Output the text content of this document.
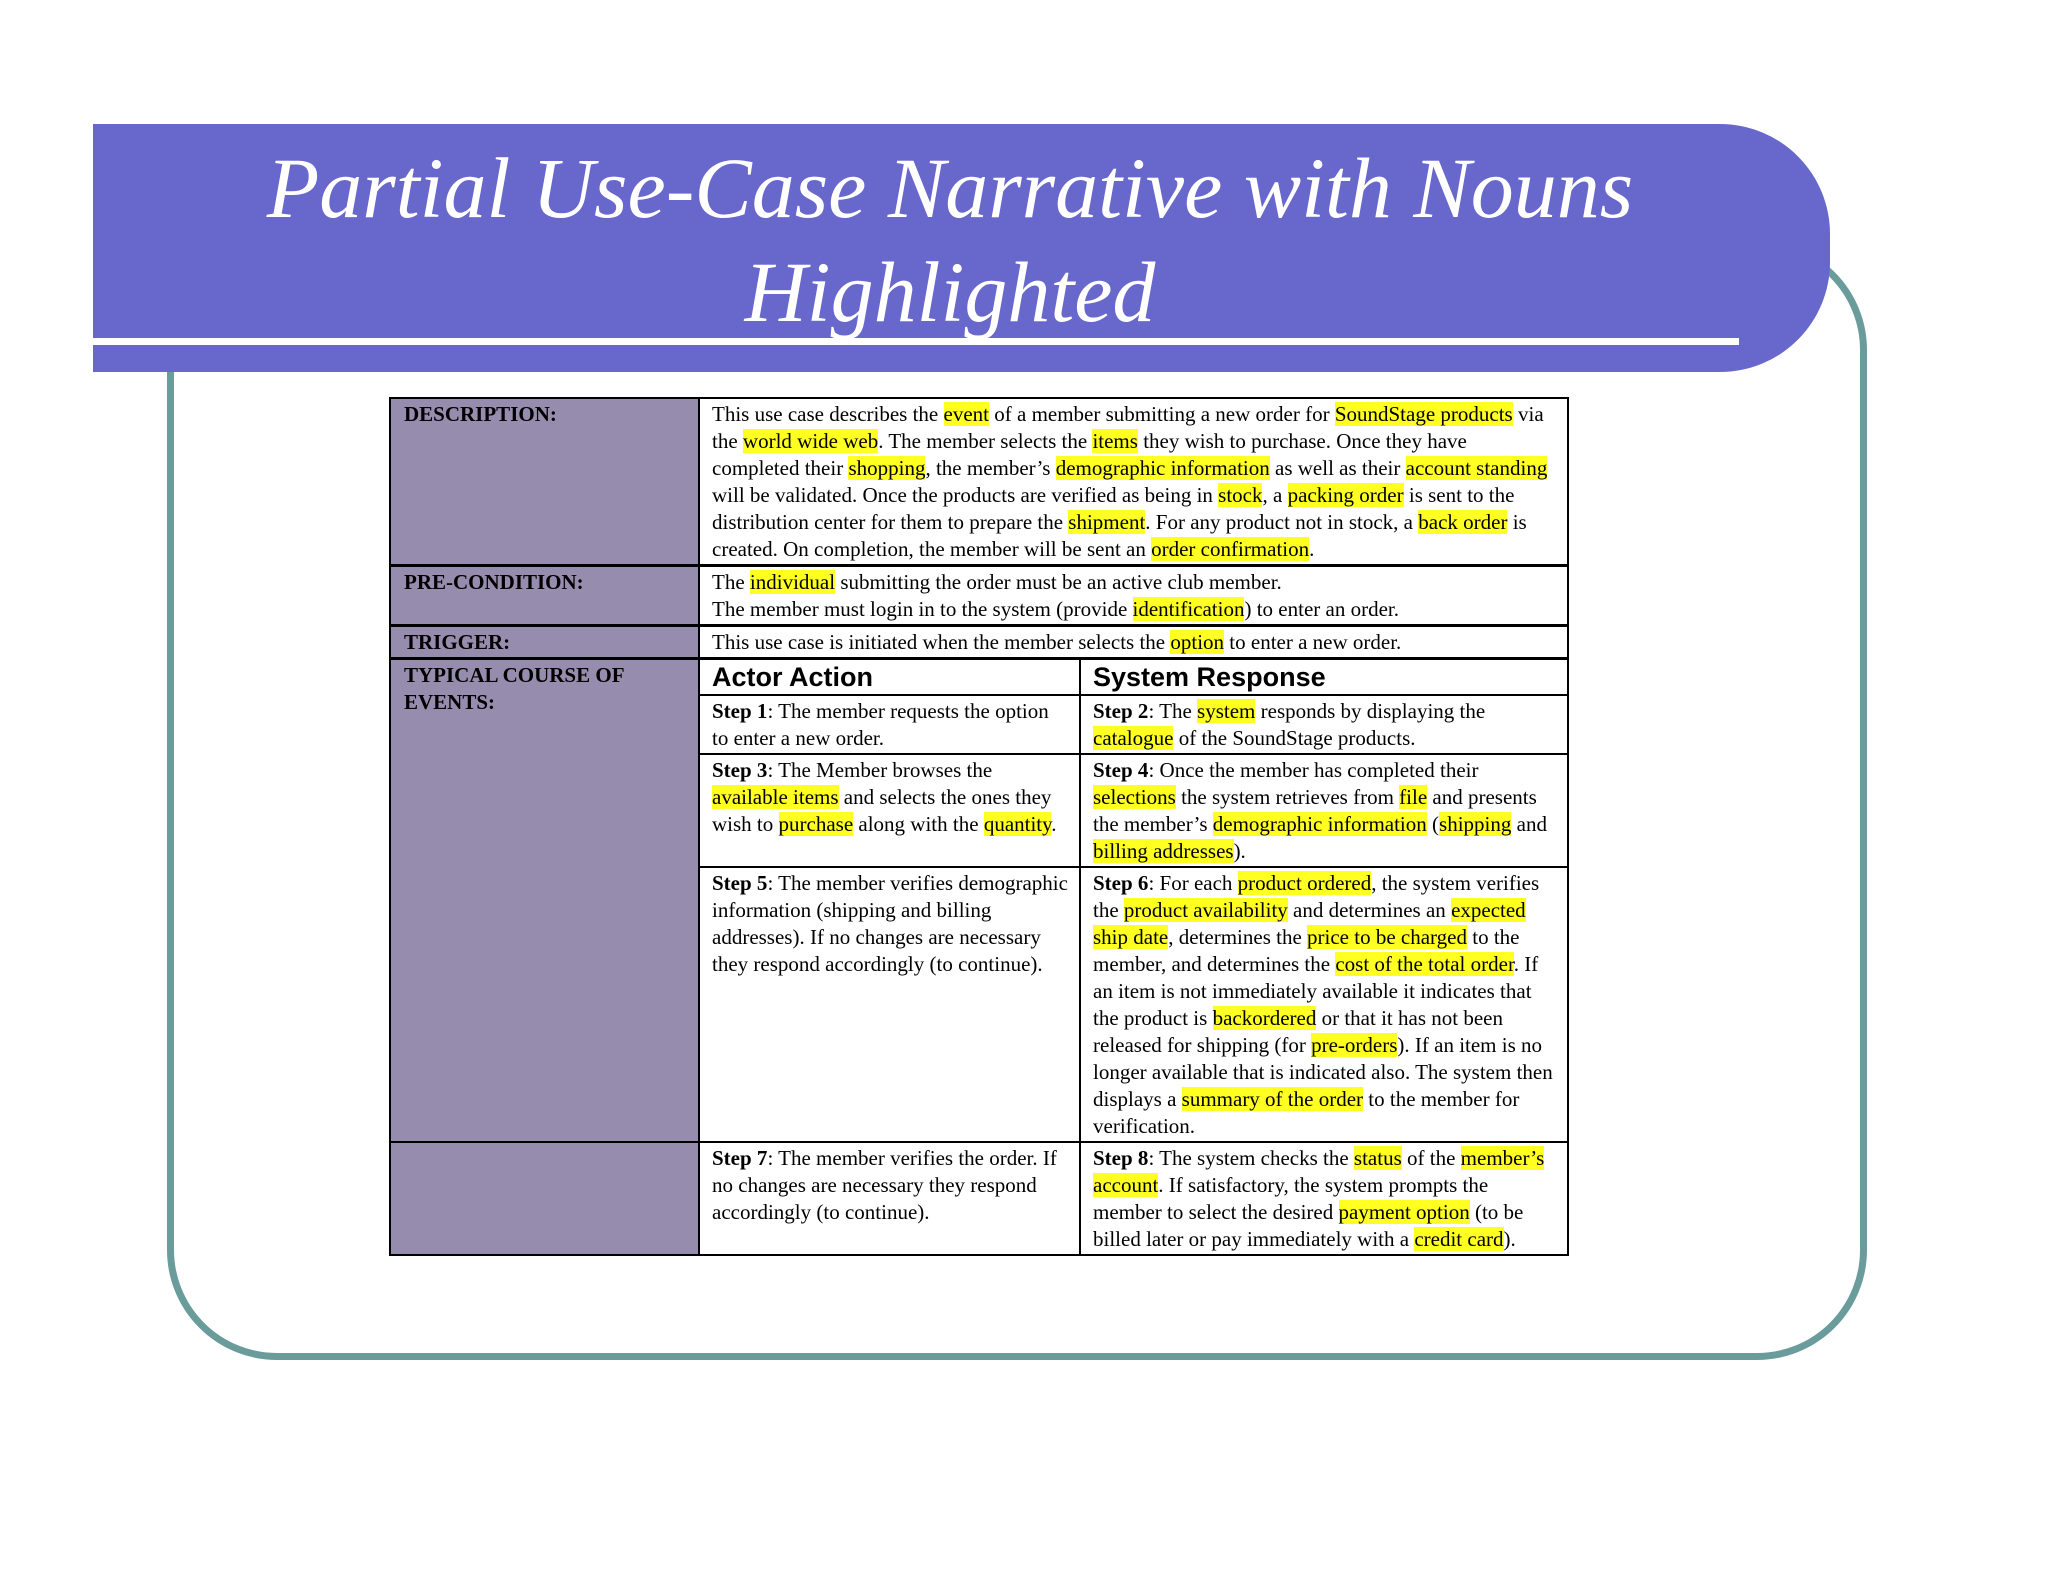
Partial Use-Case Narrative with Nouns Highlighted
DESCRIPTION:	This use case describes the event of a member submitting a new order for SoundStage products via the world wide web. The member selects the items they wish to purchase. Once they have completed their shopping, the member’s demographic information as well as their account standing will be validated. Once the products are verified as being in stock, a packing order is sent to the distribution center for them to prepare the shipment. For any product not in stock, a back order is created. On completion, the member will be sent an order confirmation.	
PRE-CONDITION:	The individual submitting the order must be an active club member.
The member must login in to the system (provide identification) to enter an order.	

TRIGGER:	This use case is initiated when the member selects the option to enter a new order.	
TYPICAL COURSE OF EVENTS:	Actor Action	System Response
	Step 1: The member requests the option to enter a new order.	Step 2: The system responds by displaying the catalogue of the SoundStage products.
	Step 3: The Member browses the available items and selects the ones they wish to purchase along with the quantity.	Step 4: Once the member has completed their selections the system retrieves from file and presents the member’s demographic information (shipping and billing addresses).
	Step 5: The member verifies demographic information (shipping and billing addresses). If no changes are necessary they respond accordingly (to continue).	Step 6: For each product ordered, the system verifies the product availability and determines an expected ship date, determines the price to be charged to the member, and determines the cost of the total order. If an item is not immediately available it indicates that the product is backordered or that it has not been released for shipping (for pre-orders). If an item is no longer available that is indicated also. The system then displays a summary of the order to the member for verification.
	Step 7: The member verifies the order. If no changes are necessary they respond accordingly (to continue).	Step 8: The system checks the status of the member’s account. If satisfactory, the system prompts the member to select the desired payment option (to be billed later or pay immediately with a credit card).
